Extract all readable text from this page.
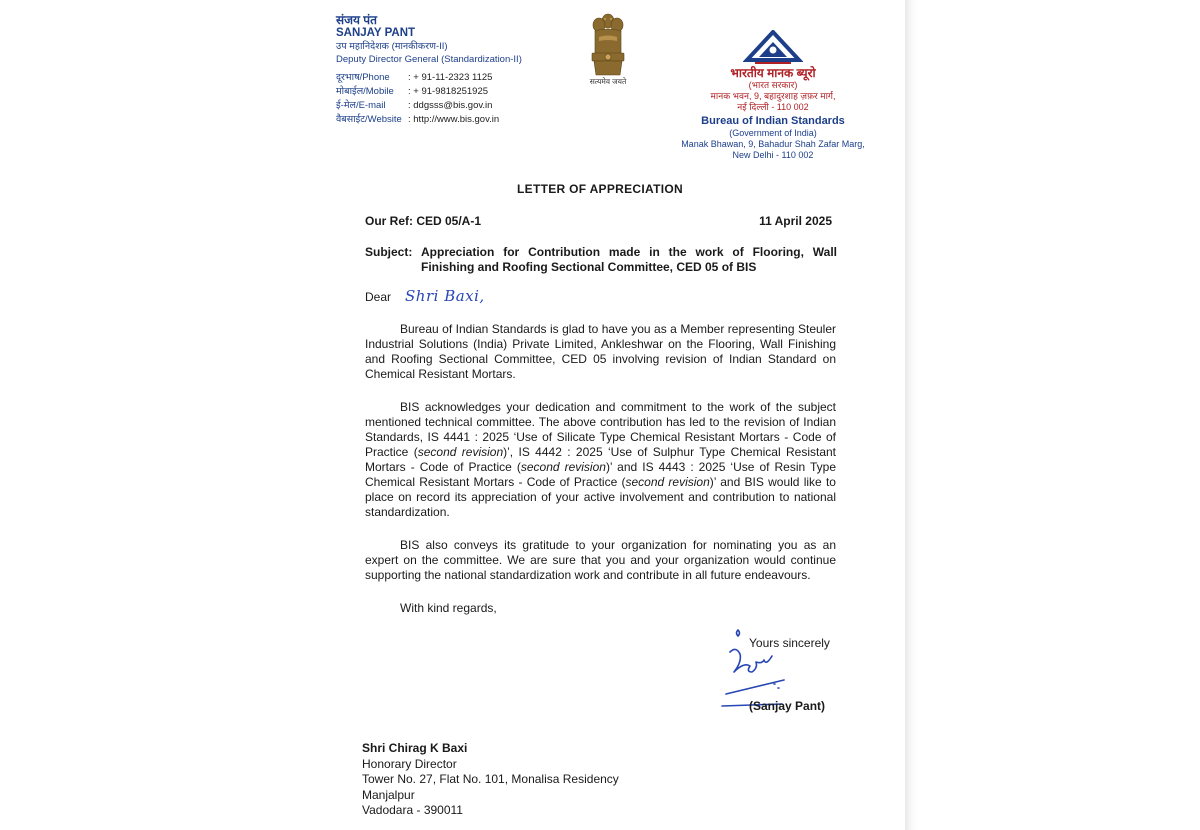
संजय पंत
SANJAY PANT
उप महानिदेशक (मानकीकरण-II)
Deputy Director General (Standardization-II)
दूरभाष/Phone	: + 91-11-2323 1125
मोबाईल/Mobile	: + 91-9818251925
ई-मेल/E-mail	: ddgsss@bis.gov.in
वैबसाईट/Website : http://www.bis.gov.in
सत्यमेव जयते
भारतीय मानक ब्यूरो
(भारत सरकार)
मानक भवन, 9, बहादुरशाह ज़फ़र मार्ग,
नई दिल्ली - 110 002
Bureau of Indian Standards
(Government of India)
Manak Bhawan, 9, Bahadur Shah Zafar Marg,
New Delhi - 110 002
LETTER OF APPRECIATION
Our Ref: CED 05/A-1	11 April 2025
Subject: Appreciation for Contribution made in the work of Flooring, Wall Finishing and Roofing Sectional Committee, CED 05 of BIS
Dear Shri Baxi,

Bureau of Indian Standards is glad to have you as a Member representing Steuler Industrial Solutions (India) Private Limited, Ankleshwar on the Flooring, Wall Finishing and Roofing Sectional Committee, CED 05 involving revision of Indian Standard on Chemical Resistant Mortars.

BIS acknowledges your dedication and commitment to the work of the subject mentioned technical committee. The above contribution has led to the revision of Indian Standards, IS 4441 : 2025 ‘Use of Silicate Type Chemical Resistant Mortars - Code of Practice (second revision)’, IS 4442 : 2025 ‘Use of Sulphur Type Chemical Resistant Mortars - Code of Practice (second revision)’ and IS 4443 : 2025 ‘Use of Resin Type Chemical Resistant Mortars - Code of Practice (second revision)’ and BIS would like to place on record its appreciation of your active involvement and contribution to national standardization.

BIS also conveys its gratitude to your organization for nominating you as an expert on the committee. We are sure that you and your organization would continue supporting the national standardization work and contribute in all future endeavours.

With kind regards,

Yours sincerely
(Sanjay Pant)
Shri Chirag K Baxi
Honorary Director
Tower No. 27, Flat No. 101, Monalisa Residency
Manjalpur
Vadodara - 390011
